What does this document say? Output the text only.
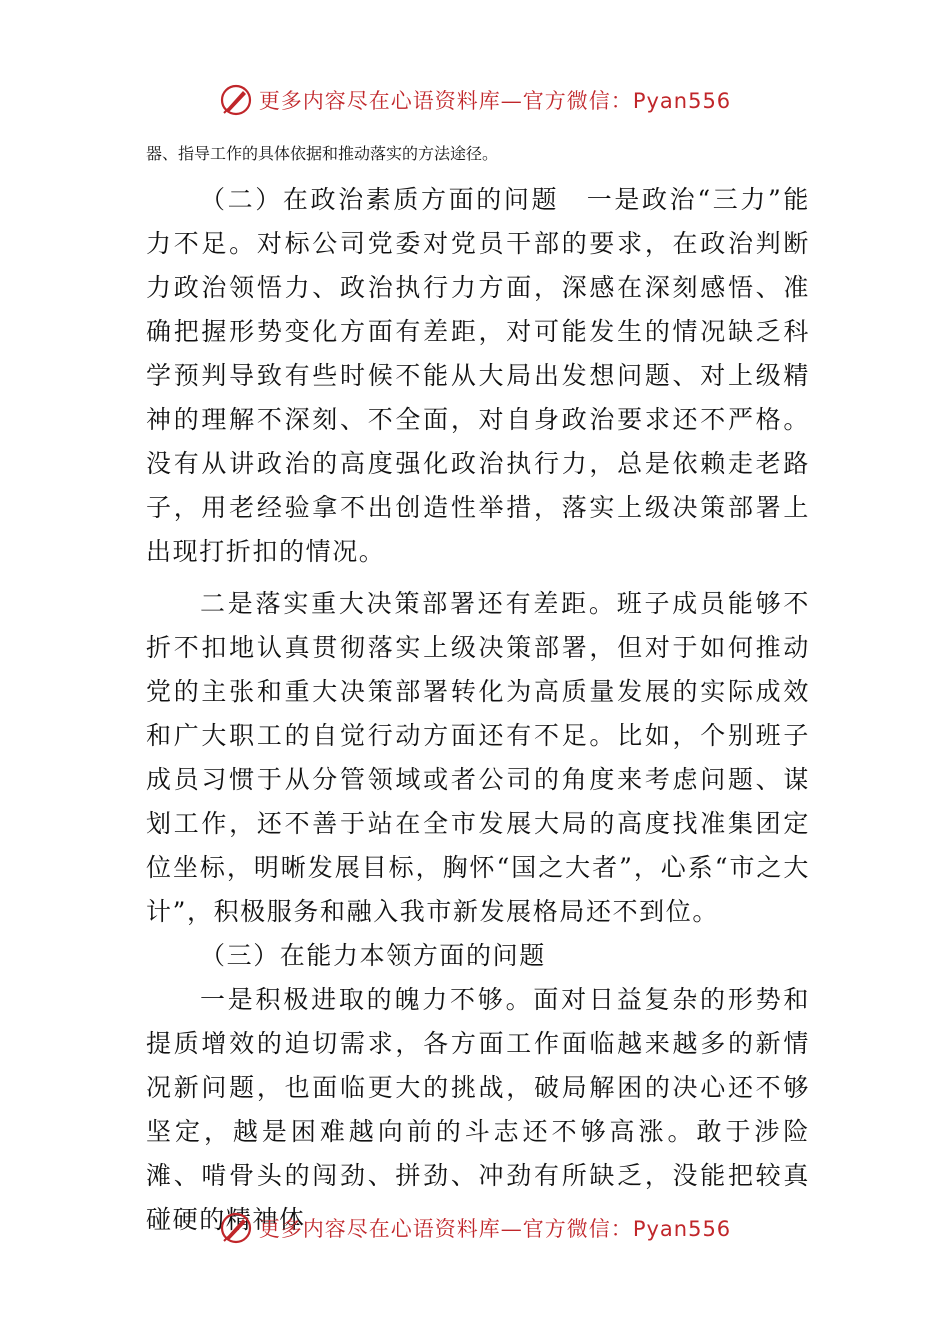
更多内容尽在心语资料库—官方微信：Pyan556

器、指导工作的具体依据和推动落实的方法途径。

（二）在政治素质方面的问题　一是政治“三力”能力不足。对标公司党委对党员干部的要求，在政治判断力政治领悟力、政治执行力方面，深感在深刻感悟、准确把握形势变化方面有差距，对可能发生的情况缺乏科学预判导致有些时候不能从大局出发想问题、对上级精神的理解不深刻、不全面，对自身政治要求还不严格。没有从讲政治的高度强化政治执行力，总是依赖走老路子，用老经验拿不出创造性举措，落实上级决策部署上出现打折扣的情况。

二是落实重大决策部署还有差距。班子成员能够不折不扣地认真贯彻落实上级决策部署，但对于如何推动党的主张和重大决策部署转化为高质量发展的实际成效和广大职工的自觉行动方面还有不足。比如，个别班子成员习惯于从分管领域或者公司的角度来考虑问题、谋划工作，还不善于站在全市发展大局的高度找准集团定位坐标，明晰发展目标，胸怀“国之大者”，心系“市之大计”，积极服务和融入我市新发展格局还不到位。

（三）在能力本领方面的问题

一是积极进取的魄力不够。面对日益复杂的形势和提质增效的迫切需求，各方面工作面临越来越多的新情况新问题，也面临更大的挑战，破局解困的决心还不够坚定，越是困难越向前的斗志还不够高涨。敢于涉险滩、啃骨头的闯劲、拼劲、冲劲有所缺乏，没能把较真碰硬的精神体

更多内容尽在心语资料库—官方微信：Pyan556
